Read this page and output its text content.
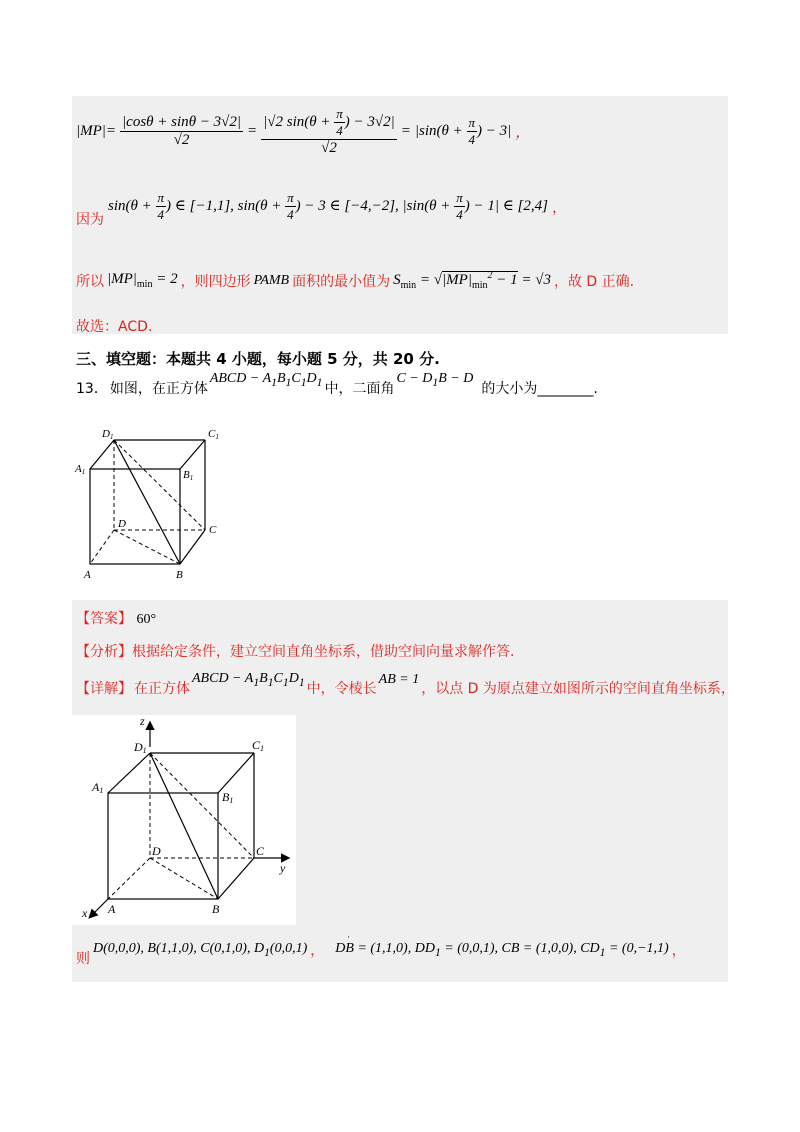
$|MP|= \frac{|\cos\theta + \sin\theta - 3√2|}{√2} = \frac{|√2 \sin(\theta + \frac{\pi}{4} ) - 3√2|}{√2} = |\sin(\theta + \frac{\pi}{4}$ ) − 3| ，
因为
$\sin(\theta + \frac{\pi}{4}$ ) ∈ [−1,1], $\sin(\theta + \frac{\pi}{4}$ ) − 3 ∈ [−4,−2], $|\sin(\theta + \frac{\pi}{4}$ ) − 1| ∈ [2,4] ，
所以 $|MP|_{min} = 2$ ，则四边形 PAMB 面积的最小值为 $S_{min} = √|MP|_{min}^2 - 1 = √3$ ，故 D 正确.
故选：ACD.
三、填空题：本题共 4 小题，每小题 5 分，共 20 分.
13． 如图，在正方体
ABCD − $A_1B_1C_1D_1$ 中，二面角
$C - D_1B - D$
的大小为________.
D1	C1
A1	B1
D	C
A	B
【答案】 60°
【分析】根据给定条件，建立空间直角坐标系，借助空间向量求解作答.
【详解】 在正方体
ABCD − $A_1B_1C_1D_1$ 中，令棱长
AB = 1
，以点 D 为原点建立如图所示的空间直角坐标系，
z
x
y
D1	C1
A1	B1
D	C
A	B
则
D(0,0,0), B(1,1,0), C(0,1,0), $D_1(0,0,1)$ ， DB
·
= (1,1,0), $DD_1 = (0,0,1)$, CB = (1,0,0), $CD_1 = (0,-1,1)$ ，
